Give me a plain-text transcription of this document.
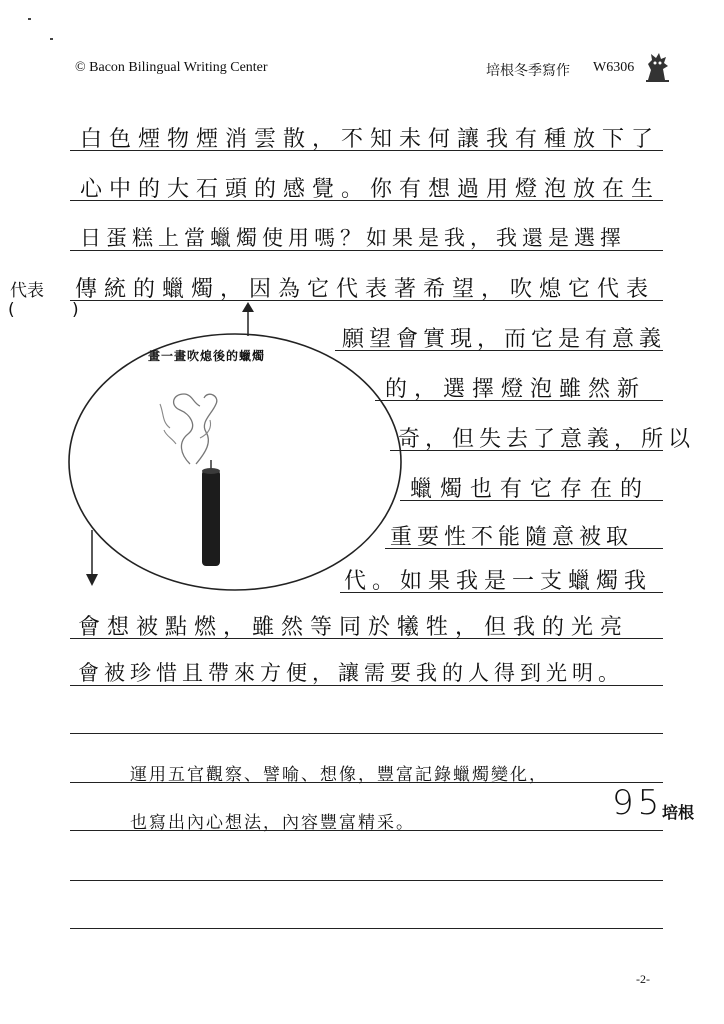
© Bacon Bilingual Writing Center	培根冬季寫作 W6306
白色煙物煙消雲散，不知未何讓我有種放下了
心中的大石頭的感覺。你有想過用燈泡放在生
日蛋糕上當蠟燭使用嗎？如果是我，我還是選擇
傳統的蠟燭，因為它代表著希望，吹熄它代表
願望會實現，而它是有意義
的，選擇燈泡雖然新
奇，但失去了意義，所以
蠟燭也有它存在的
重要性不能隨意被取
代。如果我是一支蠟燭我
會想被點燃，雖然等同於犧牲，但我的光亮
會被珍惜且帶來方便，讓需要我的人得到光明。
代表
(	)
畫一畫吹熄後的蠟燭
運用五官觀察、譬喻、想像，豐富記錄蠟燭變化，
也寫出內心想法，內容豐富精采。	95
培根
-2-
